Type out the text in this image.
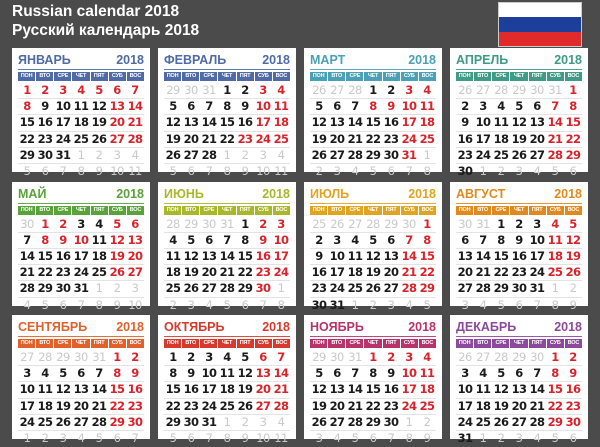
Russian calendar 2018
Русский календарь 2018
ЯНВАРЬ	2018
ПОН	ВТО	СРЕ	ЧЕТ	ПЯТ	СУБ	ВОС
1 2 3 4 5 6 7
8 9 10 11 12 13 14
15 16 17 18 19 20 21
22 23 24 25 26 27 28
29 30 31 1 2 3 4
5 6 7 8 9 10 11
ФЕВРАЛЬ	2018
ПОН	ВТО	СРЕ	ЧЕТ	ПЯТ	СУБ	ВОС
29 30 31 1 2 3 4
5 6 7 8 9 10 11
12 13 14 15 16 17 18
19 20 21 22 23 24 25
26 27 28 1 2 3 4
5 6 7 8 9 10 11
МАРТ	2018
ПОН	ВТО	СРЕ	ЧЕТ	ПЯТ	СУБ	ВОС
26 27 28 1 2 3 4
5 6 7 8 9 10 11
12 13 14 15 16 17 18
19 20 21 22 23 24 25
26 27 28 29 30 31 1
2 3 4 5 6 7 8
АПРЕЛЬ	2018
ПОН	ВТО	СРЕ	ЧЕТ	ПЯТ	СУБ	ВОС
26 27 28 29 30 31 1
2 3 4 5 6 7 8
9 10 11 12 13 14 15
16 17 18 19 20 21 22
23 24 25 26 27 28 29
30 1 2 3 4 5 6
МАЙ	2018
ПОН	ВТО	СРЕ	ЧЕТ	ПЯТ	СУБ	ВОС
30 1 2 3 4 5 6
7 8 9 10 11 12 13
14 15 16 17 18 19 20
21 22 23 24 25 26 27
28 29 30 31 1 2 3
4 5 6 7 8 9 10
ИЮНЬ	2018
ПОН	ВТО	СРЕ	ЧЕТ	ПЯТ	СУБ	ВОС
28 29 30 31 1 2 3
4 5 6 7 8 9 10
11 12 13 14 15 16 17
18 19 20 21 22 23 24
25 26 27 28 29 30 1
2 3 4 5 6 7 8
ИЮЛЬ	2018
ПОН	ВТО	СРЕ	ЧЕТ	ПЯТ	СУБ	ВОС
25 26 27 28 29 30 1
2 3 4 5 6 7 8
9 10 11 12 13 14 15
16 17 18 19 20 21 22
23 24 25 26 27 28 29
30 31 1 2 3 4 5
АВГУСТ	2018
ПОН	ВТО	СРЕ	ЧЕТ	ПЯТ	СУБ	ВОС
30 31 1 2 3 4 5
6 7 8 9 10 11 12
13 14 15 16 17 18 19
20 21 22 23 24 25 26
27 28 29 30 31 1 2
3 4 5 6 7 8 9
СЕНТЯБРЬ 2018
ПОН	ВТО	СРЕ	ЧЕТ	ПЯТ	СУБ	ВОС
27 28 29 30 31 1 2
3 4 5 6 7 8 9
10 11 12 13 14 15 16
17 18 19 20 21 22 23
24 25 26 27 28 29 30
1 2 3 4 5 6 7
ОКТЯБРЬ	2018
ПОН	ВТО	СРЕ	ЧЕТ	ПЯТ	СУБ	ВОС
1 2 3 4 5 6 7
8 9 10 11 12 13 14
15 16 17 18 19 20 21
22 23 24 25 26 27 28
29 30 31 1 2 3 4
5 6 7 8 9 10 11
НОЯБРЬ	2018
ПОН	ВТО	СРЕ	ЧЕТ	ПЯТ	СУБ	ВОС
29 30 31 1 2 3 4
5 6 7 8 9 10 11
12 13 14 15 16 17 18
19 20 21 22 23 24 25
26 27 28 29 30 1 2
3 4 5 6 7 8 9
ДЕКАБРЬ	2018
ПОН	ВТО	СРЕ	ЧЕТ	ПЯТ	СУБ	ВОС
26 27 28 29 30 1 2
3 4 5 6 7 8 9
10 11 12 13 14 15 16
17 18 19 20 21 22 23
24 25 26 27 28 29 30
31 1 2 3 4 5 6
